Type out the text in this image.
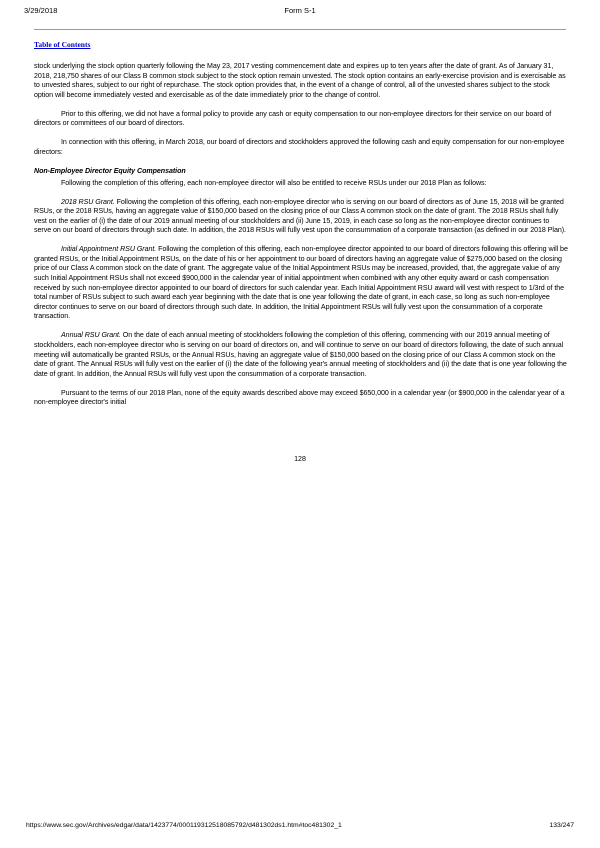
3/29/2018	Form S-1
Table of Contents

stock underlying the stock option quarterly following the May 23, 2017 vesting commencement date and expires up to ten years after the date of grant. As of January 31, 2018, 218,750 shares of our Class B common stock subject to the stock option remain unvested. The stock option contains an early-exercise provision and is exercisable as to unvested shares, subject to our right of repurchase. The stock option provides that, in the event of a change of control, all of the unvested shares subject to the stock option will become immediately vested and exercisable as of the date immediately prior to the change of control.

Prior to this offering, we did not have a formal policy to provide any cash or equity compensation to our non-employee directors for their service on our board of directors or committees of our board of directors.

In connection with this offering, in March 2018, our board of directors and stockholders approved the following cash and equity compensation for our non-employee directors:

Non-Employee Director Equity Compensation

Following the completion of this offering, each non-employee director will also be entitled to receive RSUs under our 2018 Plan as follows:

2018 RSU Grant. Following the completion of this offering, each non-employee director who is serving on our board of directors as of June 15, 2018 will be granted RSUs, or the 2018 RSUs, having an aggregate value of $150,000 based on the closing price of our Class A common stock on the date of grant. The 2018 RSUs shall fully vest on the earlier of (i) the date of our 2019 annual meeting of our stockholders and (ii) June 15, 2019, in each case so long as the non-employee director continues to serve on our board of directors through such date. In addition, the 2018 RSUs will fully vest upon the consummation of a corporate transaction (as defined in our 2018 Plan).

Initial Appointment RSU Grant. Following the completion of this offering, each non-employee director appointed to our board of directors following this offering will be granted RSUs, or the Initial Appointment RSUs, on the date of his or her appointment to our board of directors having an aggregate value of $275,000 based on the closing price of our Class A common stock on the date of grant. The aggregate value of the Initial Appointment RSUs may be increased, provided, that, the aggregate value of any such Initial Appointment RSUs shall not exceed $900,000 in the calendar year of initial appointment when combined with any other equity award or cash compensation received by such non-employee director appointed to our board of directors for such calendar year. Each Initial Appointment RSU award will vest with respect to 1/3rd of the total number of RSUs subject to such award each year beginning with the date that is one year following the date of grant, in each case, so long as such non-employee director continues to serve on our board of directors through such date. In addition, the Initial Appointment RSUs will fully vest upon the consummation of a corporate transaction.

Annual RSU Grant. On the date of each annual meeting of stockholders following the completion of this offering, commencing with our 2019 annual meeting of stockholders, each non-employee director who is serving on our board of directors on, and will continue to serve on our board of directors following, the date of such annual meeting will automatically be granted RSUs, or the Annual RSUs, having an aggregate value of $150,000 based on the closing price of our Class A common stock on the date of grant. The Annual RSUs will fully vest on the earlier of (i) the date of the following year's annual meeting of stockholders and (ii) the date that is one year following the date of grant. In addition, the Annual RSUs will fully vest upon the consummation of a corporate transaction.

Pursuant to the terms of our 2018 Plan, none of the equity awards described above may exceed $650,000 in a calendar year (or $900,000 in the calendar year of a non-employee director's initial

128
https://www.sec.gov/Archives/edgar/data/1423774/000119312518085792/d481302ds1.htm#toc481302_1	133/247
